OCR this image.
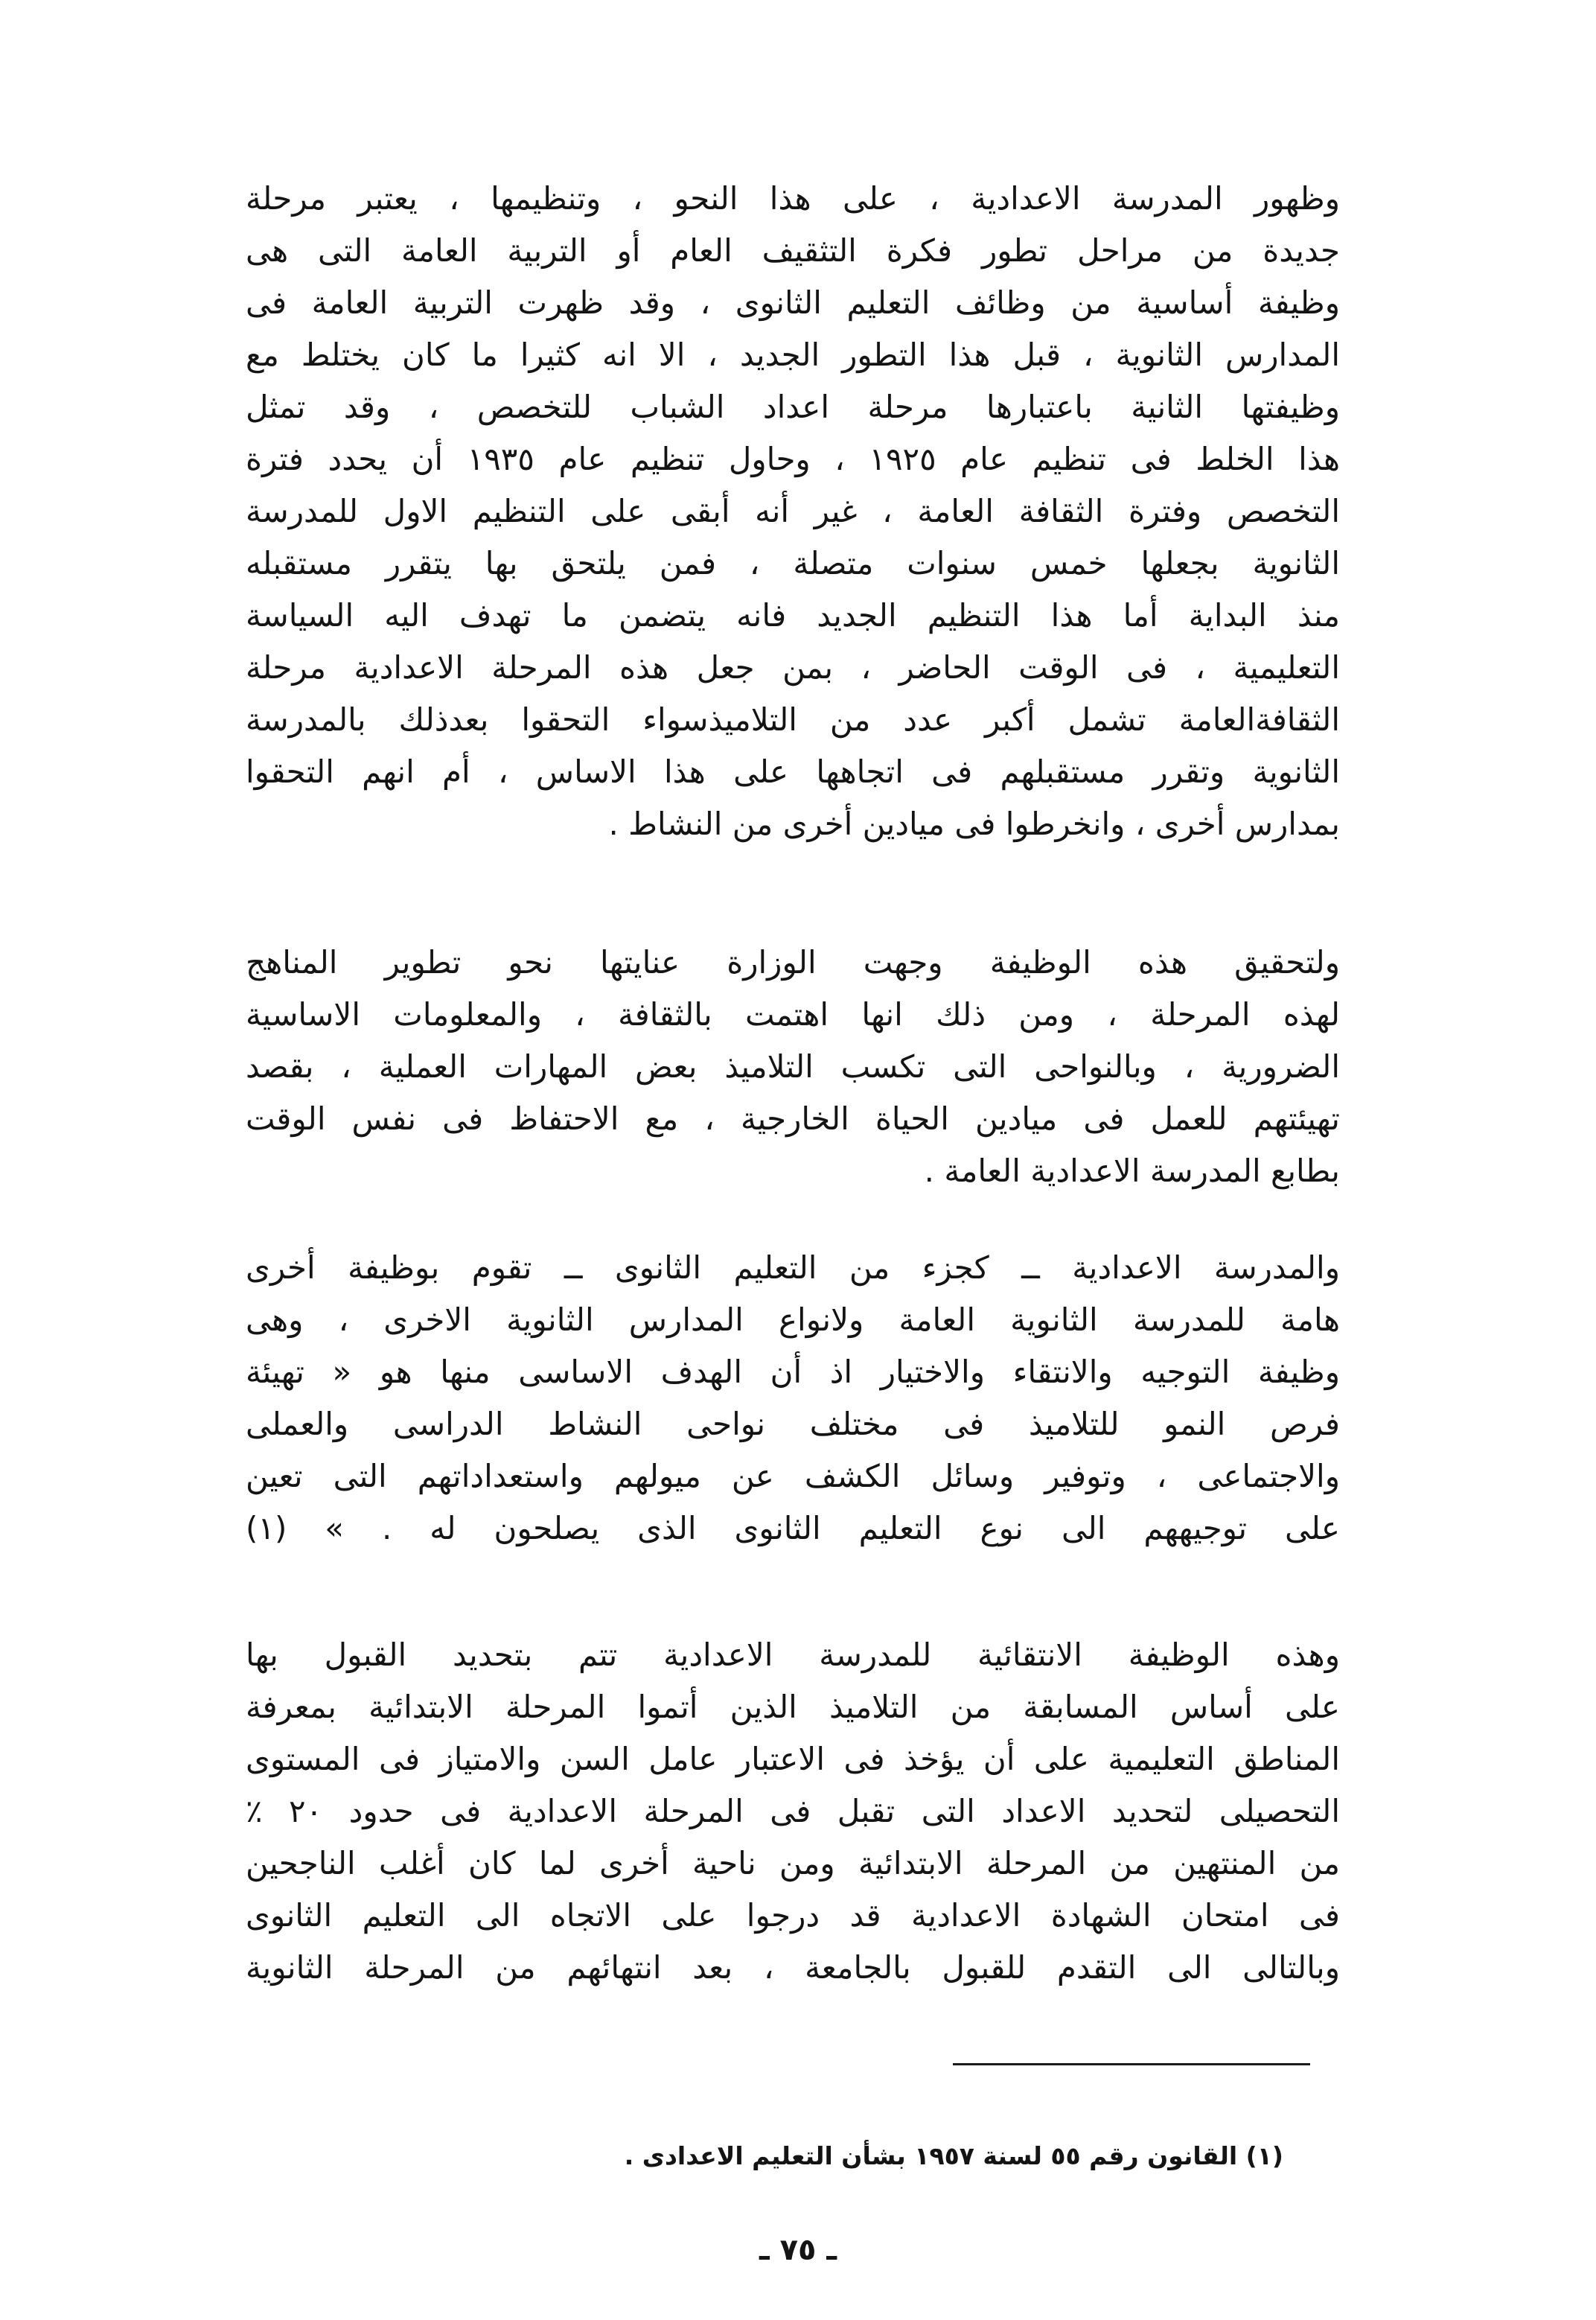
وظهور المدرسة الاعدادية ، على هذا النحو ، وتنظيمها ، يعتبر مرحلة
جديدة من مراحل تطور فكرة التثقيف العام أو التربية العامة التى هى
وظيفة أساسية من وظائف التعليم الثانوى ، وقد ظهرت التربية العامة فى
المدارس الثانوية ، قبل هذا التطور الجديد ، الا انه كثيرا ما كان يختلط مع
وظيفتها الثانية باعتبارها مرحلة اعداد الشباب للتخصص ، وقد تمثل
هذا الخلط فى تنظيم عام ١٩٢٥ ، وحاول تنظيم عام ١٩٣٥ أن يحدد فترة
التخصص وفترة الثقافة العامة ، غير أنه أبقى على التنظيم الاول للمدرسة
الثانوية بجعلها خمس سنوات متصلة ، فمن يلتحق بها يتقرر مستقبله
منذ البداية أما هذا التنظيم الجديد فانه يتضمن ما تهدف اليه السياسة
التعليمية ، فى الوقت الحاضر ، بمن جعل هذه المرحلة الاعدادية مرحلة
الثقافةالعامة تشمل أكبر عدد من التلاميذسواء التحقوا بعدذلك بالمدرسة
الثانوية وتقرر مستقبلهم فى اتجاهها على هذا الاساس ، أم انهم التحقوا
بمدارس أخرى ، وانخرطوا فى ميادين أخرى من النشاط .
ولتحقيق هذه الوظيفة وجهت الوزارة عنايتها نحو تطوير المناهج
لهذه المرحلة ، ومن ذلك انها اهتمت بالثقافة ، والمعلومات الاساسية
الضرورية ، وبالنواحى التى تكسب التلاميذ بعض المهارات العملية ، بقصد
تهيئتهم للعمل فى ميادين الحياة الخارجية ، مع الاحتفاظ فى نفس الوقت
بطابع المدرسة الاعدادية العامة .
والمدرسة الاعدادية ــ كجزء من التعليم الثانوى ــ تقوم بوظيفة أخرى
هامة للمدرسة الثانوية العامة ولانواع المدارس الثانوية الاخرى ، وهى
وظيفة التوجيه والانتقاء والاختيار اذ أن الهدف الاساسى منها هو « تهيئة
فرص النمو للتلاميذ فى مختلف نواحى النشاط الدراسى والعملى
والاجتماعى ، وتوفير وسائل الكشف عن ميولهم واستعداداتهم التى تعين
على توجيههم الى نوع التعليم الثانوى الذى يصلحون له . » (١)
وهذه الوظيفة الانتقائية للمدرسة الاعدادية تتم بتحديد القبول بها
على أساس المسابقة من التلاميذ الذين أتموا المرحلة الابتدائية بمعرفة
المناطق التعليمية على أن يؤخذ فى الاعتبار عامل السن والامتياز فى المستوى
التحصيلى لتحديد الاعداد التى تقبل فى المرحلة الاعدادية فى حدود ٢٠ ٪
من المنتهين من المرحلة الابتدائية ومن ناحية أخرى لما كان أغلب الناجحين
فى امتحان الشهادة الاعدادية قد درجوا على الاتجاه الى التعليم الثانوى
وبالتالى الى التقدم للقبول بالجامعة ، بعد انتهائهم من المرحلة الثانوية
(١) القانون رقم ٥٥ لسنة ١٩٥٧ بشأن التعليم الاعدادى .
ـ ٧٥ ـ
